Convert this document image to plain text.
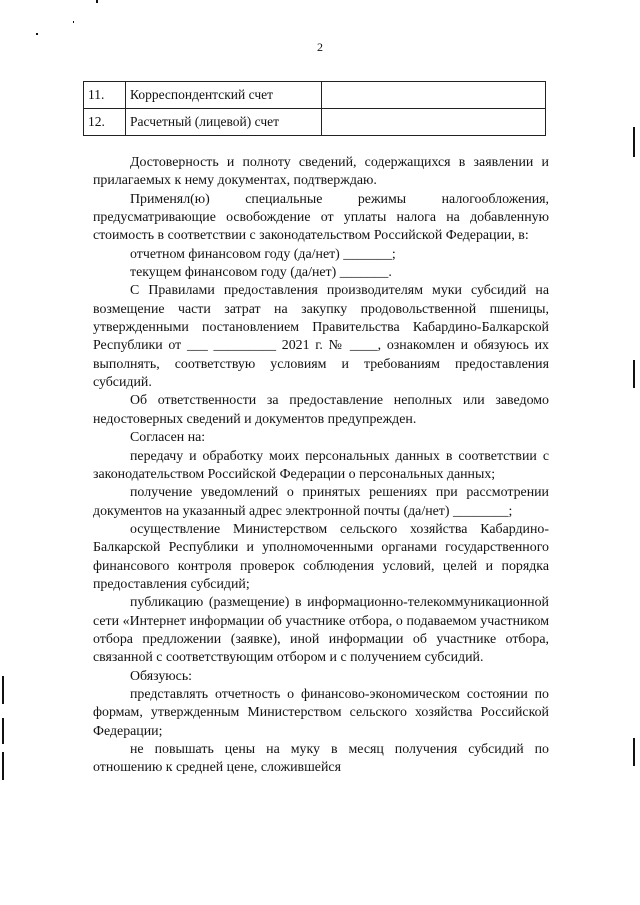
2
11.	Корреспондентский счет	
12.	Расчетный (лицевой) счет	

Достоверность и полноту сведений, содержащихся в заявлении и прилагаемых к нему документах, подтверждаю.

Применял(ю) специальные режимы налогообложения, предусматривающие освобождение от уплаты налога на добавленную стоимость в соответствии с законодательством Российской Федерации, в:

отчетном финансовом году (да/нет) _______;

текущем финансовом году (да/нет) _______.

С Правилами предоставления производителям муки субсидий на возмещение части затрат на закупку продовольственной пшеницы, утвержденными постановлением Правительства Кабардино-Балкарской Республики от ___ _________ 2021 г. № ____, ознакомлен и обязуюсь их выполнять, соответствую условиям и требованиям предоставления субсидий.

Об ответственности за предоставление неполных или заведомо недостоверных сведений и документов предупрежден.

Согласен на:

передачу и обработку моих персональных данных в соответствии с законодательством Российской Федерации о персональных данных;

получение уведомлений о принятых решениях при рассмотрении документов на указанный адрес электронной почты (да/нет) ________;

осуществление Министерством сельского хозяйства Кабардино-Балкарской Республики и уполномоченными органами государственного финансового контроля проверок соблюдения условий, целей и порядка предоставления субсидий;

публикацию (размещение) в информационно-телекоммуникационной сети «Интернет информации об участнике отбора, о подаваемом участником отбора предложении (заявке), иной информации об участнике отбора, связанной с соответствующим отбором и с получением субсидий.

Обязуюсь:

представлять отчетность о финансово-экономическом состоянии по формам, утвержденным Министерством сельского хозяйства Российской Федерации;

не повышать цены на муку в месяц получения субсидий по отношению к средней цене, сложившейся
